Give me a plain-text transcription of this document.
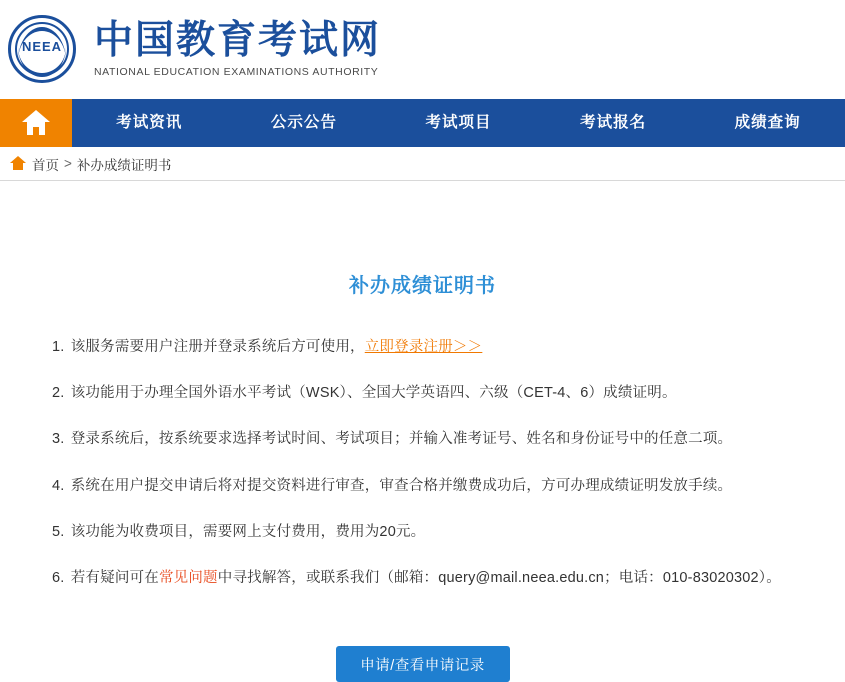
NEEA 中国教育考试网
NATIONAL EDUCATION EXAMINATIONS AUTHORITY
考试资讯	公示公告	考试项目	考试报名	成绩查询
首页 > 补办成绩证明书
补办成绩证明书
1. 该服务需要用户注册并登录系统后方可使用，立即登录注册＞＞
2. 该功能用于办理全国外语水平考试（WSK）、全国大学英语四、六级（CET-4、6）成绩证明。
3. 登录系统后，按系统要求选择考试时间、考试项目；并输入准考证号、姓名和身份证号中的任意二项。
4. 系统在用户提交申请后将对提交资料进行审查，审查合格并缴费成功后，方可办理成绩证明发放手续。
5. 该功能为收费项目，需要网上支付费用，费用为20元。
6. 若有疑问可在常见问题中寻找解答，或联系我们（邮箱：query@mail.neea.edu.cn；电话：010-83020302）。
申请/查看申请记录
